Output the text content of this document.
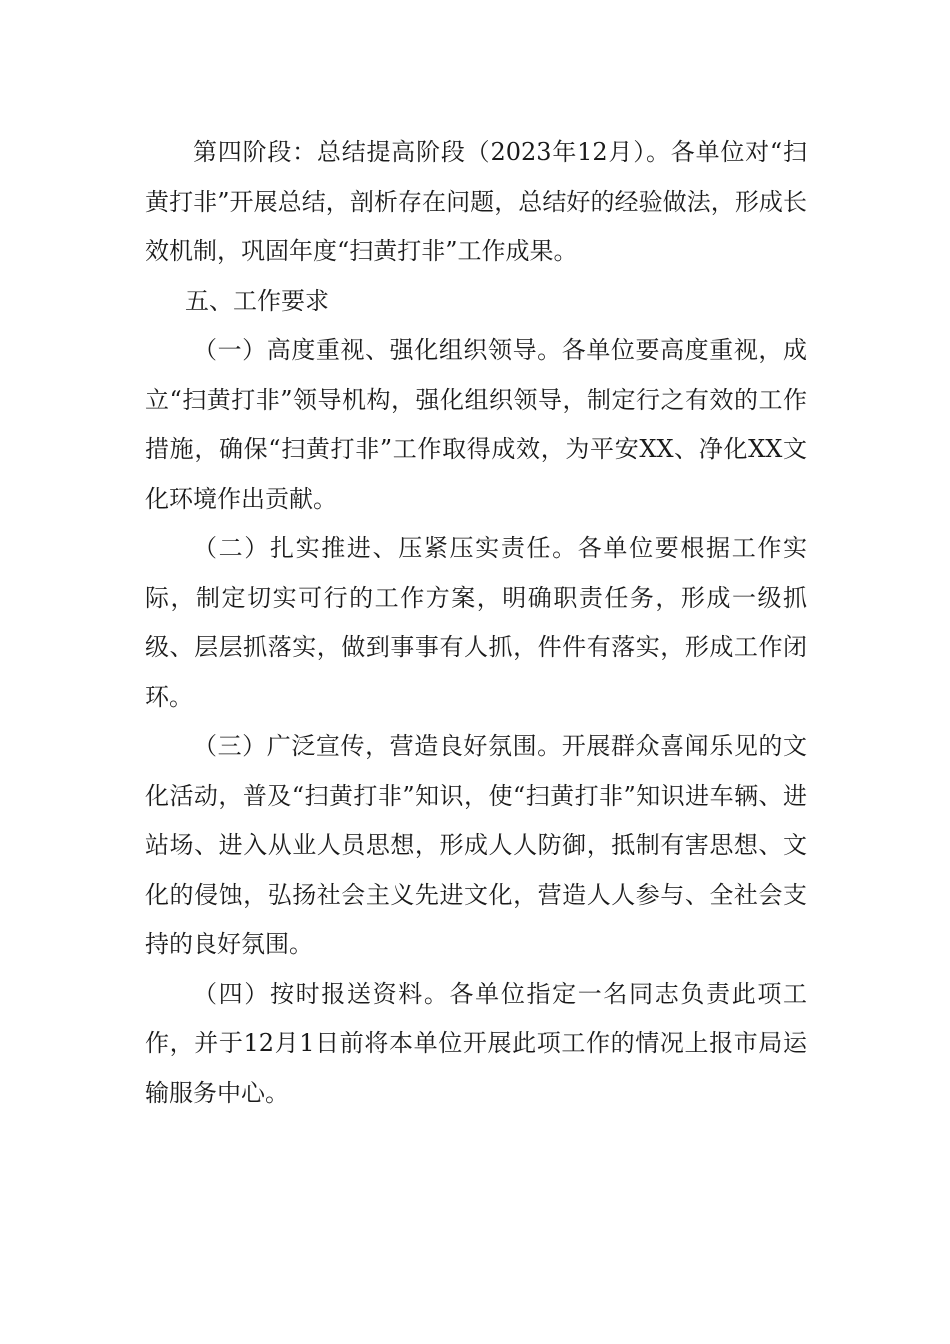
第四阶段：总结提高阶段（2023年12月）。各单位对“扫黄打非”开展总结，剖析存在问题，总结好的经验做法，形成长效机制，巩固年度“扫黄打非”工作成果。

五、工作要求

（一）高度重视、强化组织领导。各单位要高度重视，成立“扫黄打非”领导机构，强化组织领导，制定行之有效的工作措施，确保“扫黄打非”工作取得成效，为平安XX、净化XX文化环境作出贡献。

（二）扎实推进、压紧压实责任。各单位要根据工作实际，制定切实可行的工作方案，明确职责任务，形成一级抓级、层层抓落实，做到事事有人抓，件件有落实，形成工作闭环。

（三）广泛宣传，营造良好氛围。开展群众喜闻乐见的文化活动，普及“扫黄打非”知识，使“扫黄打非”知识进车辆、进站场、进入从业人员思想，形成人人防御，抵制有害思想、文化的侵蚀，弘扬社会主义先进文化，营造人人参与、全社会支持的良好氛围。

（四）按时报送资料。各单位指定一名同志负责此项工作，并于12月1日前将本单位开展此项工作的情况上报市局运输服务中心。
